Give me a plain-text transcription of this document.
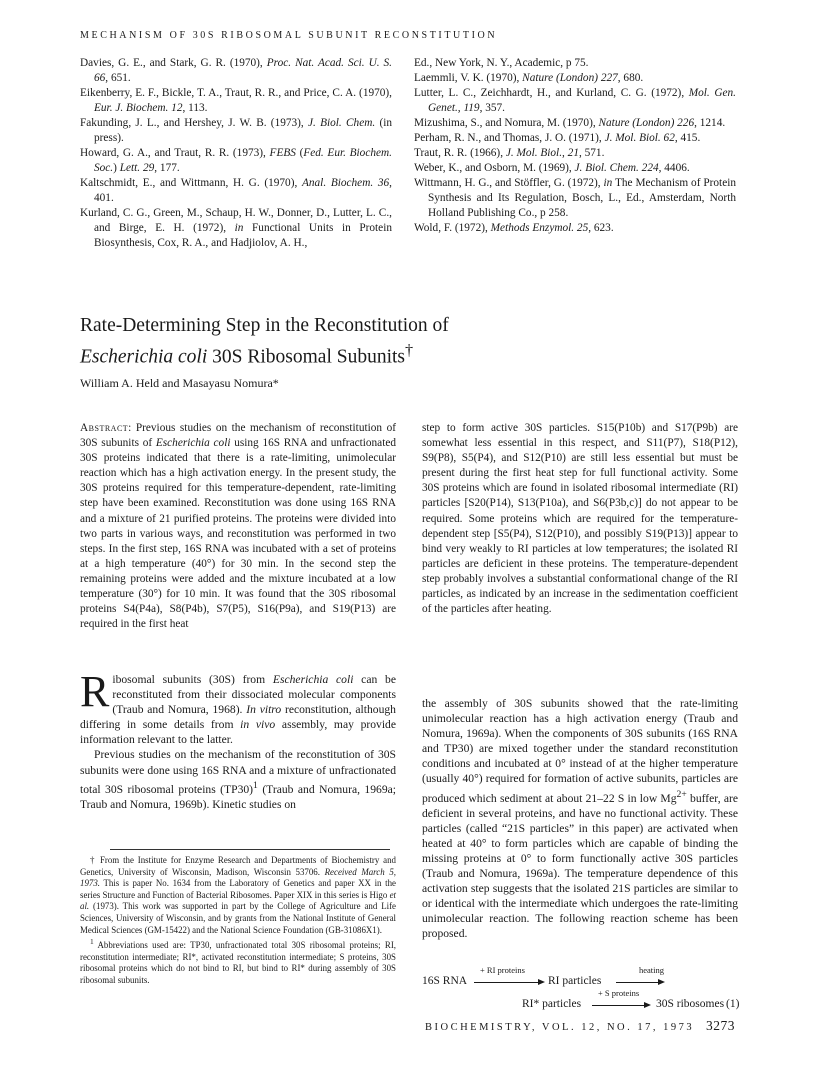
MECHANISM OF 30S RIBOSOMAL SUBUNIT RECONSTITUTION

Davies, G. E., and Stark, G. R. (1970), Proc. Nat. Acad. Sci. U. S. 66, 651.

Eikenberry, E. F., Bickle, T. A., Traut, R. R., and Price, C. A. (1970), Eur. J. Biochem. 12, 113.

Fakunding, J. L., and Hershey, J. W. B. (1973), J. Biol. Chem. (in press).

Howard, G. A., and Traut, R. R. (1973), FEBS (Fed. Eur. Biochem. Soc.) Lett. 29, 177.

Kaltschmidt, E., and Wittmann, H. G. (1970), Anal. Biochem. 36, 401.

Kurland, C. G., Green, M., Schaup, H. W., Donner, D., Lutter, L. C., and Birge, E. H. (1972), in Functional Units in Protein Biosynthesis, Cox, R. A., and Hadjiolov, A. H.,

Ed., New York, N. Y., Academic, p 75.

Laemmli, V. K. (1970), Nature (London) 227, 680.

Lutter, L. C., Zeichhardt, H., and Kurland, C. G. (1972), Mol. Gen. Genet., 119, 357.

Mizushima, S., and Nomura, M. (1970), Nature (London) 226, 1214.

Perham, R. N., and Thomas, J. O. (1971), J. Mol. Biol. 62, 415.

Traut, R. R. (1966), J. Mol. Biol., 21, 571.

Weber, K., and Osborn, M. (1969), J. Biol. Chem. 224, 4406.

Wittmann, H. G., and Stöffler, G. (1972), in The Mechanism of Protein Synthesis and Its Regulation, Bosch, L., Ed., Amsterdam, North Holland Publishing Co., p 258.

Wold, F. (1972), Methods Enzymol. 25, 623.

Rate-Determining Step in the Reconstitution of
Escherichia coli 30S Ribosomal Subunits†
William A. Held and Masayasu Nomura*
Abstract: Previous studies on the mechanism of reconstitution of 30S subunits of Escherichia coli using 16S RNA and unfractionated 30S proteins indicated that there is a rate-limiting, unimolecular reaction which has a high activation energy. In the present study, the 30S proteins required for this temperature-dependent, rate-limiting step have been examined. Reconstitution was done using 16S RNA and a mixture of 21 purified proteins. The proteins were divided into two parts in various ways, and reconstitution was performed in two steps. In the first step, 16S RNA was incubated with a set of proteins at a high temperature (40°) for 30 min. In the second step the remaining proteins were added and the mixture incubated at a low temperature (30°) for 10 min. It was found that the 30S ribosomal proteins S4(P4a), S8(P4b), S7(P5), S16(P9a), and S19(P13) are required in the first heat
step to form active 30S particles. S15(P10b) and S17(P9b) are somewhat less essential in this respect, and S11(P7), S18(P12), S9(P8), S5(P4), and S12(P10) are still less essential but must be present during the first heat step for full functional activity. Some 30S proteins which are found in isolated ribosomal intermediate (RI) particles [S20(P14), S13(P10a), and S6(P3b,c)] do not appear to be required. Some proteins which are required for the temperature-dependent step [S5(P4), S12(P10), and possibly S19(P13)] appear to bind very weakly to RI particles at low temperatures; the isolated RI particles are deficient in these proteins. The temperature-dependent step probably involves a substantial conformational change of the RI particles, as indicated by an increase in the sedimentation coefficient of the particles after heating.
R ibosomal subunits (30S) from Escherichia coli can be reconstituted from their dissociated molecular components (Traub and Nomura, 1968). In vitro reconstitution, although differing in some details from in vivo assembly, may provide information relevant to the latter.

Previous studies on the mechanism of the reconstitution of 30S subunits were done using 16S RNA and a mixture of unfractionated total 30S ribosomal proteins $(TP30)^1$ (Traub and Nomura, 1969a; Traub and Nomura, 1969b). Kinetic studies on

† From the Institute for Enzyme Research and Departments of Biochemistry and Genetics, University of Wisconsin, Madison, Wisconsin 53706. Received March 5, 1973. This is paper No. 1634 from the Laboratory of Genetics and paper XX in the series Structure and Function of Bacterial Ribosomes. Paper XIX in this series is Higo et al. (1973). This work was supported in part by the College of Agriculture and Life Sciences, University of Wisconsin, and by grants from the National Institute of General Medical Sciences (GM-15422) and the National Science Foundation (GB-31086X1).

$^1$ Abbreviations used are: TP30, unfractionated total 30S ribosomal proteins; RI, reconstitution intermediate; RI*, activated reconstitution intermediate; S proteins, 30S ribosomal proteins which do not bind to RI, but bind to RI* during assembly of 30S ribosomal subunits.

the assembly of 30S subunits showed that the rate-limiting unimolecular reaction has a high activation energy (Traub and Nomura, 1969a). When the components of 30S subunits (16S RNA and TP30) are mixed together under the standard reconstitution conditions and incubated at 0° instead of at the higher temperature (usually 40°) required for formation of active subunits, particles are produced which sediment at about 21–22 S in low $Mg^{2+}$ buffer, are deficient in several proteins, and have no functional activity. These particles (called “21S particles” in this paper) are activated when heated at 40° to form particles which are capable of binding the missing proteins at 0° to form functionally active 30S particles (Traub and Nomura, 1969a). The temperature dependence of this activation step suggests that the isolated 21S particles are similar to or identical with the intermediate which undergoes the rate-limiting unimolecular reaction. The following reaction scheme has been proposed.
16S RNA
+ RI proteins
RI particles
heating
RI* particles
+ S proteins
30S ribosomes (1)
BIOCHEMISTRY, VOL. 12, NO. 17, 1973 3273
